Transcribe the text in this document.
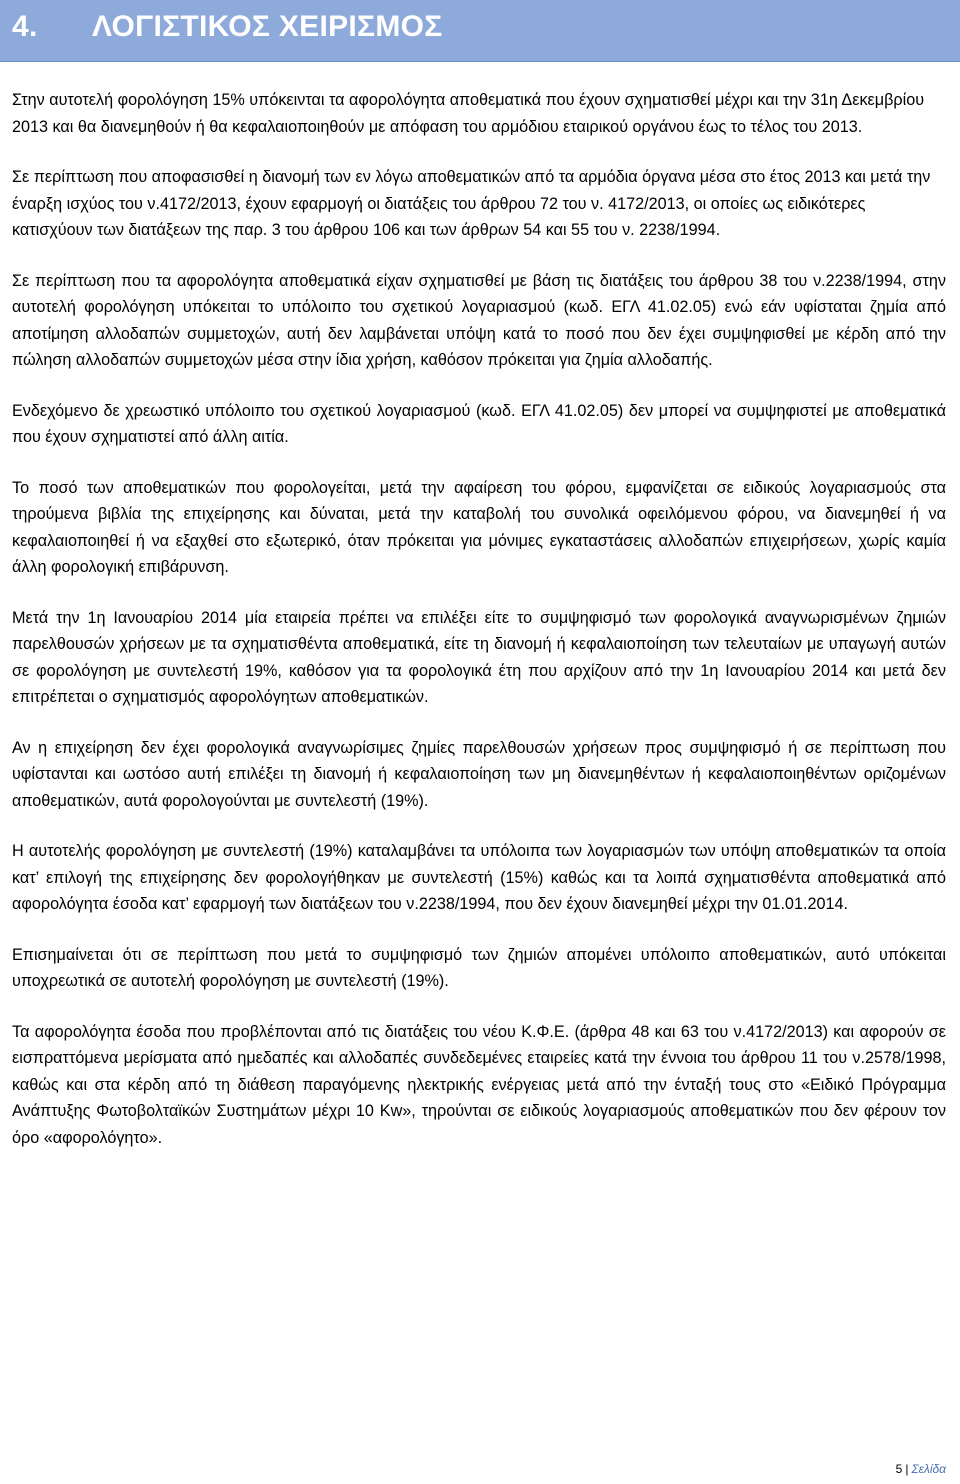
4. ΛΟΓΙΣΤΙΚΟΣ ΧΕΙΡΙΣΜΟΣ

Στην αυτοτελή φορολόγηση 15% υπόκεινται τα αφορολόγητα αποθεματικά που έχουν σχηματισθεί μέχρι και την 31η Δεκεμβρίου 2013 και θα διανεμηθούν ή θα κεφαλαιοποιηθούν με απόφαση του αρμόδιου εταιρικού οργάνου έως το τέλος του 2013.

Σε περίπτωση που αποφασισθεί η διανομή των εν λόγω αποθεματικών από τα αρμόδια όργανα μέσα στο έτος 2013 και μετά την έναρξη ισχύος του ν.4172/2013, έχουν εφαρμογή οι διατάξεις του άρθρου 72 του ν. 4172/2013, οι οποίες ως ειδικότερες κατισχύουν των διατάξεων της παρ. 3 του άρθρου 106 και των άρθρων 54 και 55 του ν. 2238/1994.

Σε περίπτωση που τα αφορολόγητα αποθεματικά είχαν σχηματισθεί με βάση τις διατάξεις του άρθρου 38 του ν.2238/1994, στην αυτοτελή φορολόγηση υπόκειται το υπόλοιπο του σχετικού λογαριασμού (κωδ. ΕΓΛ 41.02.05) ενώ εάν υφίσταται ζημία από αποτίμηση αλλοδαπών συμμετοχών, αυτή δεν λαμβάνεται υπόψη κατά το ποσό που δεν έχει συμψηφισθεί με κέρδη από την πώληση αλλοδαπών συμμετοχών μέσα στην ίδια χρήση, καθόσον πρόκειται για ζημία αλλοδαπής.

Ενδεχόμενο δε χρεωστικό υπόλοιπο του σχετικού λογαριασμού (κωδ. ΕΓΛ 41.02.05) δεν μπορεί να συμψηφιστεί με αποθεματικά που έχουν σχηματιστεί από άλλη αιτία.

Το ποσό των αποθεματικών που φορολογείται, μετά την αφαίρεση του φόρου, εμφανίζεται σε ειδικούς λογαριασμούς στα τηρούμενα βιβλία της επιχείρησης και δύναται, μετά την καταβολή του συνολικά οφειλόμενου φόρου, να διανεμηθεί ή να κεφαλαιοποιηθεί ή να εξαχθεί στο εξωτερικό, όταν πρόκειται για μόνιμες εγκαταστάσεις αλλοδαπών επιχειρήσεων, χωρίς καμία άλλη φορολογική επιβάρυνση.

Μετά την 1η Ιανουαρίου 2014 μία εταιρεία πρέπει να επιλέξει είτε το συμψηφισμό των φορολογικά αναγνωρισμένων ζημιών παρελθουσών χρήσεων με τα σχηματισθέντα αποθεματικά, είτε τη διανομή ή κεφαλαιοποίηση των τελευταίων με υπαγωγή αυτών σε φορολόγηση με συντελεστή 19%, καθόσον για τα φορολογικά έτη που αρχίζουν από την 1η Ιανουαρίου 2014 και μετά δεν επιτρέπεται ο σχηματισμός αφορολόγητων αποθεματικών.

Αν η επιχείρηση δεν έχει φορολογικά αναγνωρίσιμες ζημίες παρελθουσών χρήσεων προς συμψηφισμό ή σε περίπτωση που υφίστανται και ωστόσο αυτή επιλέξει τη διανομή ή κεφαλαιοποίηση των μη διανεμηθέντων ή κεφαλαιοποιηθέντων οριζομένων αποθεματικών, αυτά φορολογούνται με συντελεστή (19%).

Η αυτοτελής φορολόγηση με συντελεστή (19%) καταλαμβάνει τα υπόλοιπα των λογαριασμών των υπόψη αποθεματικών τα οποία κατ’ επιλογή της επιχείρησης δεν φορολογήθηκαν με συντελεστή (15%) καθώς και τα λοιπά σχηματισθέντα αποθεματικά από αφορολόγητα έσοδα κατ’ εφαρμογή των διατάξεων του ν.2238/1994, που δεν έχουν διανεμηθεί μέχρι την 01.01.2014.

Επισημαίνεται ότι σε περίπτωση που μετά το συμψηφισμό των ζημιών απομένει υπόλοιπο αποθεματικών, αυτό υπόκειται υποχρεωτικά σε αυτοτελή φορολόγηση με συντελεστή (19%).

Τα αφορολόγητα έσοδα που προβλέπονται από τις διατάξεις του νέου Κ.Φ.Ε. (άρθρα 48 και 63 του ν.4172/2013) και αφορούν σε εισπραττόμενα μερίσματα από ημεδαπές και αλλοδαπές συνδεδεμένες εταιρείες κατά την έννοια του άρθρου 11 του ν.2578/1998, καθώς και στα κέρδη από τη διάθεση παραγόμενης ηλεκτρικής ενέργειας μετά από την ένταξή τους στο «Ειδικό Πρόγραμμα Ανάπτυξης Φωτοβολταϊκών Συστημάτων μέχρι 10 Kw», τηρούνται σε ειδικούς λογαριασμούς αποθεματικών που δεν φέρουν τον όρο «αφορολόγητο».

5 | Σελίδα
